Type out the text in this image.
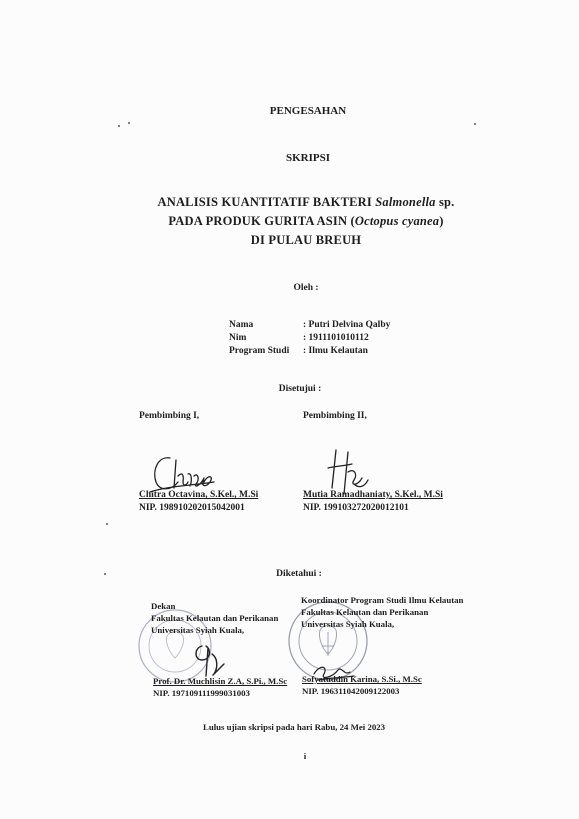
PENGESAHAN
SKRIPSI
ANALISIS KUANTITATIF BAKTERI Salmonella sp.
PADA PRODUK GURITA ASIN (Octopus cyanea)
DI PULAU BREUH
Oleh :
Nama	: Putri Delvina Qalby
Nim	: 1911101010112
Program Studi : Ilmu Kelautan
Disetujui :
Pembimbing I,	Pembimbing II,
Chitra Octavina, S.Kel., M.Si
NIP. 198910202015042001
Mutia Ramadhaniaty, S.Kel., M.Si
NIP. 199103272020012101
Diketahui :
Dekan
Fakultas Kelautan dan Perikanan
Universitas Syiah Kuala,
Koordinator Program Studi Ilmu Kelautan
Fakultas Kelautan dan Perikanan
Universitas Syiah Kuala,
Prof. Dr. Muchlisin Z.A, S.Pi., M.Sc
NIP. 197109111999031003
Sofyatuddin Karina, S.Si., M.Sc
NIP. 196311042009122003
Lulus ujian skripsi pada hari Rabu, 24 Mei 2023
i
